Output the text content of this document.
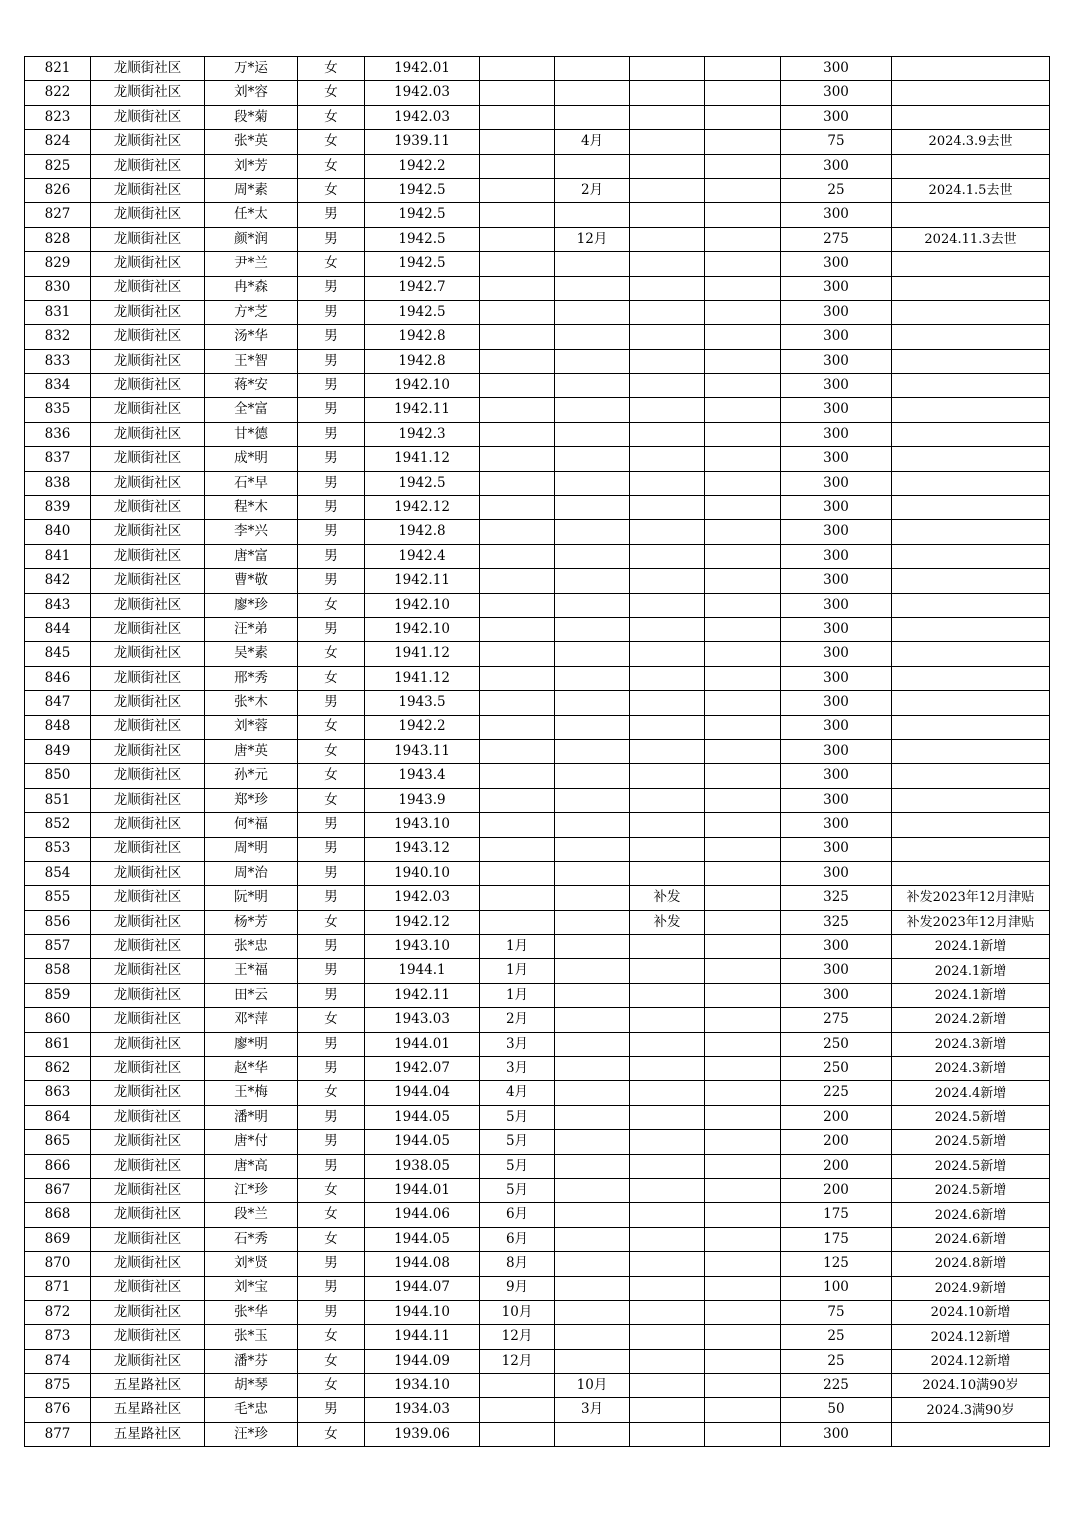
821	龙顺街社区	万*运	女	1942.01					300	
822	龙顺街社区	刘*容	女	1942.03					300	
823	龙顺街社区	段*菊	女	1942.03					300	
824	龙顺街社区	张*英	女	1939.11		4月			75	2024.3.9去世
825	龙顺街社区	刘*芳	女	1942.2					300	
826	龙顺街社区	周*素	女	1942.5		2月			25	2024.1.5去世
827	龙顺街社区	任*太	男	1942.5					300	
828	龙顺街社区	颜*润	男	1942.5		12月			275	2024.11.3去世
829	龙顺街社区	尹*兰	女	1942.5					300	
830	龙顺街社区	冉*森	男	1942.7					300	
831	龙顺街社区	方*芝	男	1942.5					300	
832	龙顺街社区	汤*华	男	1942.8					300	
833	龙顺街社区	王*智	男	1942.8					300	
834	龙顺街社区	蒋*安	男	1942.10					300	
835	龙顺街社区	全*富	男	1942.11					300	
836	龙顺街社区	甘*德	男	1942.3					300	
837	龙顺街社区	成*明	男	1941.12					300	
838	龙顺街社区	石*早	男	1942.5					300	
839	龙顺街社区	程*木	男	1942.12					300	
840	龙顺街社区	李*兴	男	1942.8					300	
841	龙顺街社区	唐*富	男	1942.4					300	
842	龙顺街社区	曹*敬	男	1942.11					300	
843	龙顺街社区	廖*珍	女	1942.10					300	
844	龙顺街社区	汪*弟	男	1942.10					300	
845	龙顺街社区	吴*素	女	1941.12					300	
846	龙顺街社区	邢*秀	女	1941.12					300	
847	龙顺街社区	张*木	男	1943.5					300	
848	龙顺街社区	刘*蓉	女	1942.2					300	
849	龙顺街社区	唐*英	女	1943.11					300	
850	龙顺街社区	孙*元	女	1943.4					300	
851	龙顺街社区	郑*珍	女	1943.9					300	
852	龙顺街社区	何*福	男	1943.10					300	
853	龙顺街社区	周*明	男	1943.12					300	
854	龙顺街社区	周*治	男	1940.10					300	
855	龙顺街社区	阮*明	男	1942.03			补发		325	补发2023年12月津贴
856	龙顺街社区	杨*芳	女	1942.12			补发		325	补发2023年12月津贴
857	龙顺街社区	张*忠	男	1943.10	1月				300	2024.1新增
858	龙顺街社区	王*福	男	1944.1	1月				300	2024.1新增
859	龙顺街社区	田*云	男	1942.11	1月				300	2024.1新增
860	龙顺街社区	邓*萍	女	1943.03	2月				275	2024.2新增
861	龙顺街社区	廖*明	男	1944.01	3月				250	2024.3新增
862	龙顺街社区	赵*华	男	1942.07	3月				250	2024.3新增
863	龙顺街社区	王*梅	女	1944.04	4月				225	2024.4新增
864	龙顺街社区	潘*明	男	1944.05	5月				200	2024.5新增
865	龙顺街社区	唐*付	男	1944.05	5月				200	2024.5新增
866	龙顺街社区	唐*高	男	1938.05	5月				200	2024.5新增
867	龙顺街社区	江*珍	女	1944.01	5月				200	2024.5新增
868	龙顺街社区	段*兰	女	1944.06	6月				175	2024.6新增
869	龙顺街社区	石*秀	女	1944.05	6月				175	2024.6新增
870	龙顺街社区	刘*贤	男	1944.08	8月				125	2024.8新增
871	龙顺街社区	刘*宝	男	1944.07	9月				100	2024.9新增
872	龙顺街社区	张*华	男	1944.10	10月				75	2024.10新增
873	龙顺街社区	张*玉	女	1944.11	12月				25	2024.12新增
874	龙顺街社区	潘*芬	女	1944.09	12月				25	2024.12新增
875	五星路社区	胡*琴	女	1934.10		10月			225	2024.10满90岁
876	五星路社区	毛*忠	男	1934.03		3月			50	2024.3满90岁
877	五星路社区	汪*珍	女	1939.06					300	
